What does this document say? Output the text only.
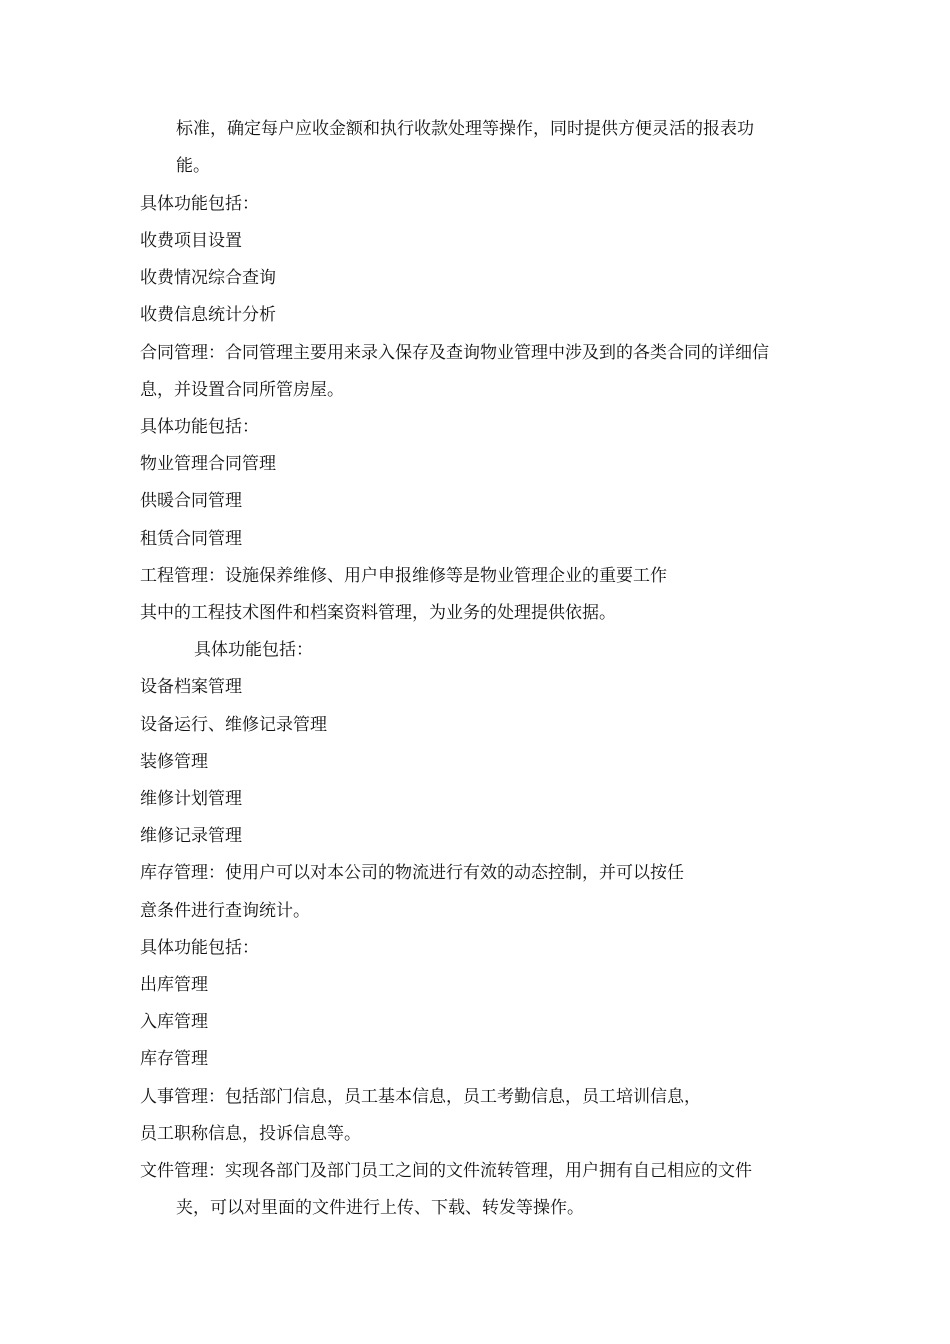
标准，确定每户应收金额和执行收款处理等操作，同时提供方便灵活的报表功

能。

具体功能包括：

收费项目设置

收费情况综合查询

收费信息统计分析

合同管理：合同管理主要用来录入保存及查询物业管理中涉及到的各类合同的详细信

息，并设置合同所管房屋。

具体功能包括：

物业管理合同管理

供暖合同管理

租赁合同管理

工程管理：设施保养维修、用户申报维修等是物业管理企业的重要工作

其中的工程技术图件和档案资料管理，为业务的处理提供依据。

具体功能包括：

设备档案管理

设备运行、维修记录管理

装修管理

维修计划管理

维修记录管理

库存管理：使用户可以对本公司的物流进行有效的动态控制，并可以按任

意条件进行查询统计。

具体功能包括：

出库管理

入库管理

库存管理

人事管理：包括部门信息，员工基本信息，员工考勤信息，员工培训信息，

员工职称信息，投诉信息等。

文件管理：实现各部门及部门员工之间的文件流转管理，用户拥有自己相应的文件

夹，可以对里面的文件进行上传、下载、转发等操作。
